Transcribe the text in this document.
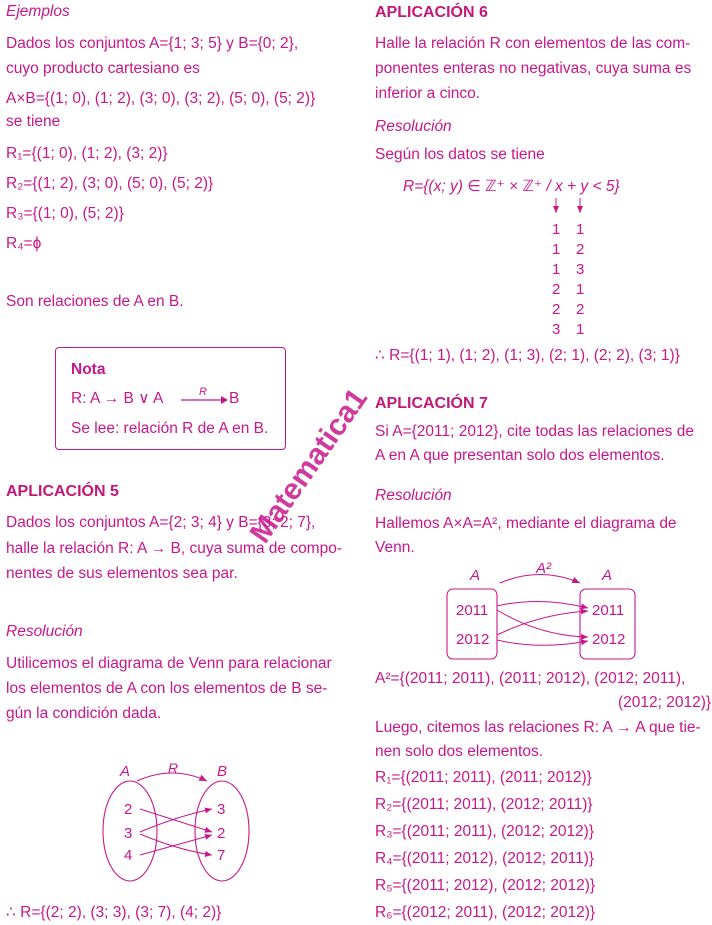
Ejemplos
Dados los conjuntos A={1; 3; 5} y B={0; 2},
cuyo producto cartesiano es
A×B={(1; 0), (1; 2), (3; 0), (3; 2), (5; 0), (5; 2)}
se tiene
R₁={(1; 0), (1; 2), (3; 2)}
R₂={(1; 2), (3; 0), (5; 0), (5; 2)}
R₃={(1; 0), (5; 2)}
R₄=ϕ
Son relaciones de A en B.
Nota
R: A → B ∨ A	R B
Se lee: relación R de A en B.
APLICACIÓN 5
Dados los conjuntos A={2; 3; 4} y B={3; 2; 7},
halle la relación R: A → B, cuya suma de compo-
nentes de sus elementos sea par.
Resolución
Utilicemos el diagrama de Venn para relacionar
los elementos de A con los elementos de B se-
gún la condición dada.
∴ R={(2; 2), (3; 3), (3; 7), (4; 2)}
A	B
R
2
3
4
3
2
7
APLICACIÓN 6
Halle la relación R con elementos de las com-
ponentes enteras no negativas, cuya suma es
inferior a cinco.
Resolución
Según los datos se tiene
R={(x; y) ∈ ℤ⁺ × ℤ⁺ / x + y < 5}
∴ R={(1; 1), (1; 2), (1; 3), (2; 1), (2; 2), (3; 1)}
1 1
1 2
1 3
2 1
2 2
3 1
APLICACIÓN 7
Si A={2011; 2012}, cite todas las relaciones de
A en A que presentan solo dos elementos.
Resolución
Hallemos A×A=A², mediante el diagrama de
Venn.
A²={(2011; 2011), (2011; 2012), (2012; 2011),
(2012; 2012)}
Luego, citemos las relaciones R: A → A que tie-
nen solo dos elementos.
R₁={(2011; 2011), (2011; 2012)}
R₂={(2011; 2011), (2012; 2011)}
R₃={(2011; 2011), (2012; 2012)}
R₄={(2011; 2012), (2012; 2011)}
R₅={(2011; 2012), (2012; 2012)}
R₆={(2012; 2011), (2012; 2012)}
A	A
A²
2011
2012
2011
2012
Matematica1
